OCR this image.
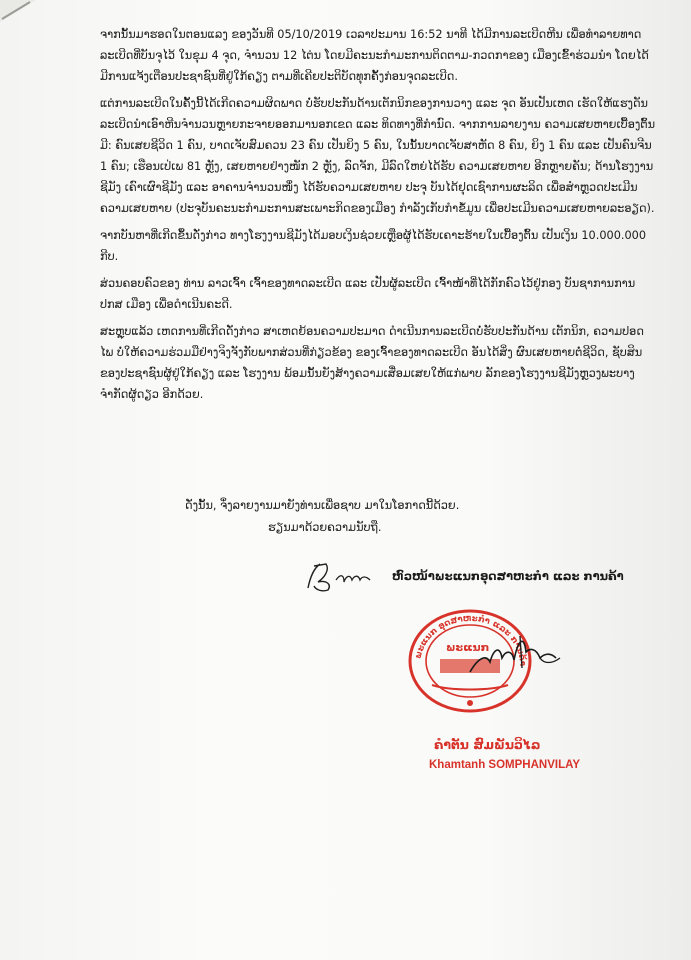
ຈາກນັ້ນມາຮອດໃນຕອນແລງ ຂອງວັນທີ 05/10/2019 ເວລາປະມານ 16:52 ນາທີ ໄດ້ມີການລະເບີດຫີນ ເພື່ອທຳລາຍທາດລະເບີດທີ່ບັນຈຸໄວ້ ໃນຂຸມ 4 ຈຸດ, ຈຳນວນ 12 ໄຕ່ນ ໂດຍມີຄະນະກຳມະການຕິດຕາມ-ກວດກາຂອງ ເມືອງເຂົ້າຮ່ວມນຳ ໂດຍໄດ້ມີການແຈ້ງເຕືອນປະຊາຊົນທີ່ຢູ່ໃກ້ຄຽງ ຕາມທີ່ເຄີຍປະຕິບັດທຸກຄັ້ງກ່ອນຈຸດລະເບີດ.

ແຕ່ການລະເບີດໃນຄັ້ງນີ້ໄດ້ເກີດຄວາມຜິດພາດ ບໍ່ຮັບປະກັນດ້ານເຕັກນິກຂອງການວາງ ແລະ ຈຸດ ອັນເປັນເຫດ ເຮັດໃຫ້ແຮງດັນລະເບີດນຳເອົາຫີນຈຳນວນຫຼາຍກະຈາຍອອກມານອກເຂດ ແລະ ທິດທາງທີ່ກຳນົດ. ຈາກການລາຍງານ ຄວາມເສຍຫາຍເບື້ອງຕົ້ນມີ: ຄົນເສຍຊີວິດ 1 ຄົນ, ບາດເຈັບສົມຄວນ 23 ຄົນ ເປັນຍິງ 5 ຄົນ, ໃນນັ້ນບາດເຈັບສາຫັດ 8 ຄົນ, ຍິງ 1 ຄົນ ແລະ ເປັນຄົນຈີນ 1 ຄົນ; ເຮືອນເປ່ເພ 81 ຫຼັງ, ເສຍຫາຍຢ່າງໜັກ 2 ຫຼັງ, ລົດຈັກ, ມີລົດໃຫຍ່ໄດ້ຮັບ ຄວາມເສຍຫາຍ ອີກຫຼາຍຄັນ; ດ້ານໂຮງງານຊີມັງ ເຄົາເຜົາຊີມັງ ແລະ ອາຄານຈຳນວນໜຶ່ງ ໄດ້ຮັບຄວາມເສຍຫາຍ ປະຈຸ ບັນໄດ້ຢຸດເຊົາການຜະລິດ ເພື່ອສຳຫຼວດປະເມີນຄວາມເສຍຫາຍ (ປະຈຸບັນຄະນະກຳມະການສະເພາະກິດຂອງເມືອງ ກຳລັງເກັບກຳຂໍ້ມູນ ເພື່ອປະເມີນຄວາມເສຍຫາຍລະອຽດ).

ຈາກບັນຫາທີ່ເກີດຂຶ້ນດັ່ງກ່າວ ທາງໂຮງງານຊີມັງໄດ້ມອບເງິນຊ່ວຍເຫຼືອຜູ້ໄດ້ຮັບເຄາະຮ້າຍໃນເບື້ອງຕົ້ນ ເປັນເງິນ 10.000.000 ກີບ.

ສ່ວນຄອບຄົວຂອງ ທ່ານ ລາວເຈົ້າ ເຈົ້າຂອງທາດລະເບີດ ແລະ ເປັນຜູ້ລະເບີດ ເຈົ້າໜ້າທີ່ໄດ້ກັກຄົວໄວ້ຢູ່ກອງ ບັນຊາການການ ປກສ ເມືອງ ເພື່ອດຳເນີນຄະດີ.

ສະຫຼຸບແລ້ວ ເຫດການທີ່ເກີດດັ່ງກ່າວ ສາເຫດຍ້ອນຄວາມປະມາດ ດຳເນີນການລະເບີດບໍ່ຮັບປະກັນດ້ານ ເຕັກນິກ, ຄວາມປອດໄພ ບໍ່ໃຫ້ຄວາມຮ່ວມມືຢ່າງຈິງຈັງກັບພາກສ່ວນທີ່ກ່ຽວຂ້ອງ ຂອງເຈົ້າຂອງທາດລະເບີດ ອັນໄດ້ສິ່ງ ຜົນເສຍຫາຍຕໍ່ຊີວິດ, ຊັບສິນຂອງປະຊາຊົນຜູ້ຢູ່ໃກ້ຄຽງ ແລະ ໂຮງງານ ພ້ອມນັ້ນຍັງສ້າງຄວາມເສື່ອມເສຍໃຫ້ແກ່ພາບ ລັກຂອງໂຮງງານຊີມັງຫຼວງພະບາງ ຈຳກັດຜູ້ດຽວ ອີກດ້ວຍ.

ດັ່ງນັ້ນ, ຈຶ່ງລາຍງານມາຍັງທ່ານເພື່ອຊາບ ມາໃນໂອກາດນີ້ດ້ວຍ.
ຮຽນມາດ້ວຍຄວາມນັບຖື.
ຫົວໜ້າພະແນກອຸດສາຫະກຳ ແລະ ການຄ້າ
ພະແນກ ອຸດສາຫະກຳ ແລະ ການຄ້າ
ພະແນກ
ຄຳຕັນ ສົມພັນວິໄລ
Khamtanh SOMPHANVILAY
